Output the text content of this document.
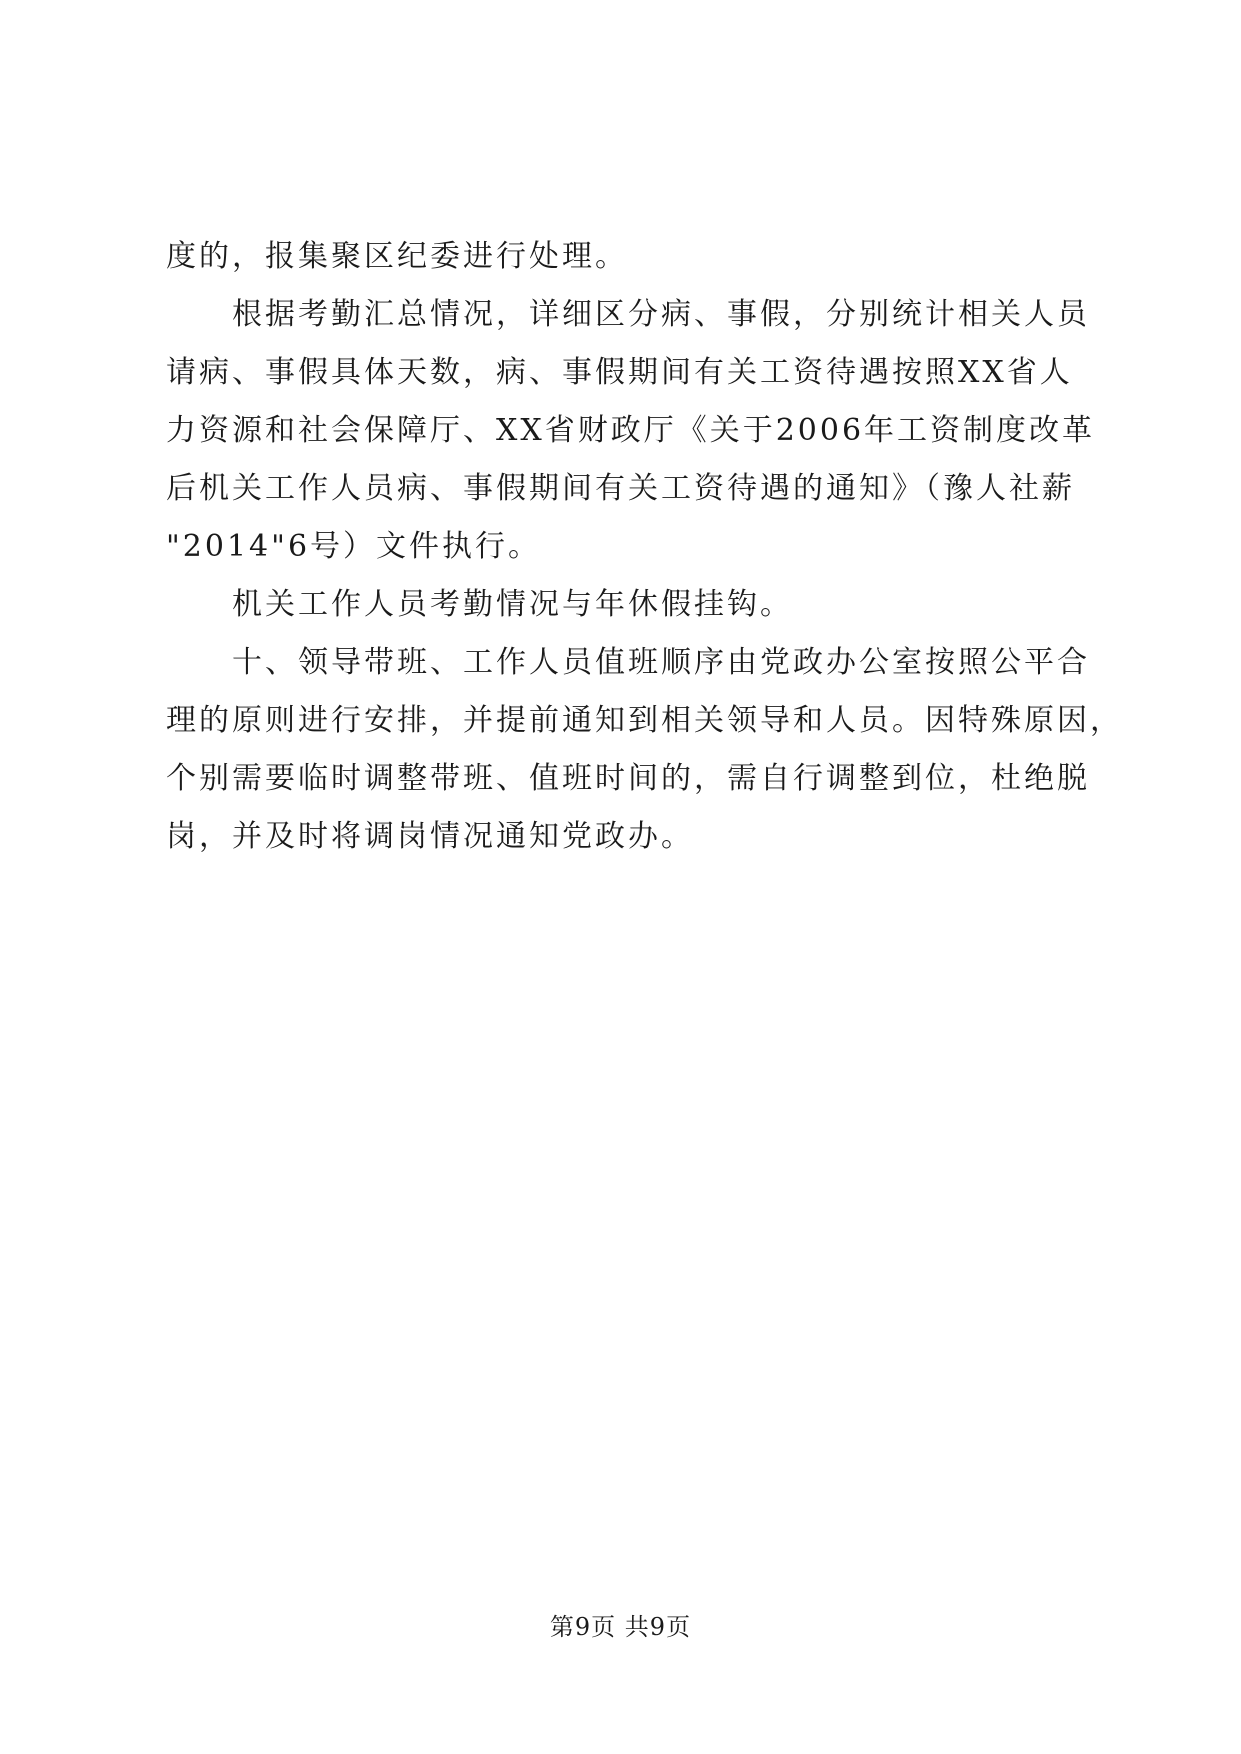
度的，报集聚区纪委进行处理。
根据考勤汇总情况，详细区分病、事假，分别统计相关人员
请病、事假具体天数，病、事假期间有关工资待遇按照XX省人
力资源和社会保障厅、XX省财政厅《关于2006年工资制度改革
后机关工作人员病、事假期间有关工资待遇的通知》（豫人社薪
"2014"6号）文件执行。
机关工作人员考勤情况与年休假挂钩。
十、领导带班、工作人员值班顺序由党政办公室按照公平合
理的原则进行安排，并提前通知到相关领导和人员。因特殊原因，
个别需要临时调整带班、值班时间的，需自行调整到位，杜绝脱
岗，并及时将调岗情况通知党政办。
第9页 共9页
